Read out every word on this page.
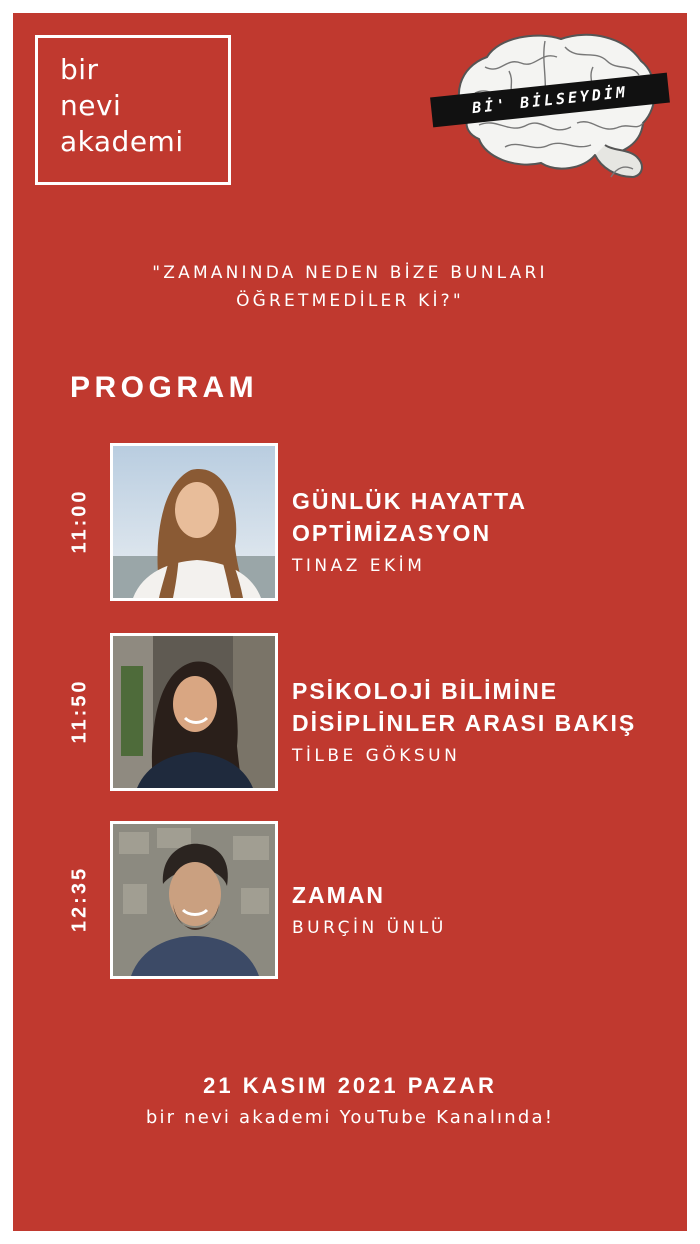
bir
nevi
akademi
Bİ' BİLSEYDİM
"ZAMANINDA NEDEN BİZE BUNLARI
ÖĞRETMEDİLER Kİ?"
PROGRAM
11:00	GÜNLÜK HAYATTA
OPTİMİZASYON
TINAZ EKİM
11:50	PSİKOLOJİ BİLİMİNE
DİSİPLİNLER ARASI BAKIŞ
TİLBE GÖKSUN
12:35	ZAMAN
BURÇİN ÜNLÜ
21 KASIM 2021 PAZAR
bir nevi akademi YouTube Kanalında!
